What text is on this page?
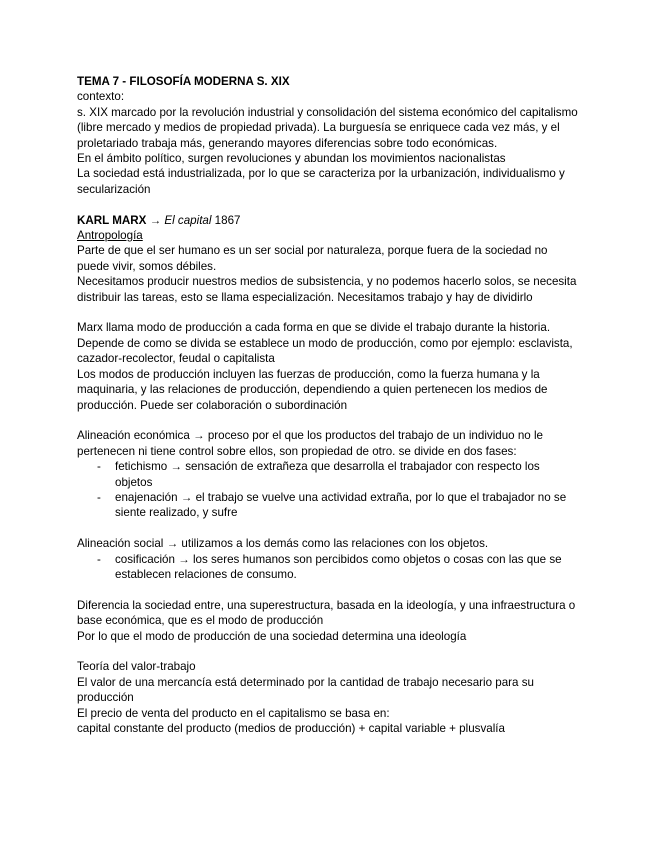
TEMA 7 - FILOSOFÍA MODERNA S. XIX

contexto:

s. XIX marcado por la revolución industrial y consolidación del sistema económico del capitalismo (libre mercado y medios de propiedad privada). La burguesía se enriquece cada vez más, y el proletariado trabaja más, generando mayores diferencias sobre todo económicas.

En el ámbito político, surgen revoluciones y abundan los movimientos nacionalistas

La sociedad está industrializada, por lo que se caracteriza por la urbanización, individualismo y secularización

KARL MARX → El capital 1867

Antropología

Parte de que el ser humano es un ser social por naturaleza, porque fuera de la sociedad no puede vivir, somos débiles.

Necesitamos producir nuestros medios de subsistencia, y no podemos hacerlo solos, se necesita distribuir las tareas, esto se llama especialización. Necesitamos trabajo y hay de dividirlo

Marx llama modo de producción a cada forma en que se divide el trabajo durante la historia.

Depende de como se divida se establece un modo de producción, como por ejemplo: esclavista, cazador-recolector, feudal o capitalista

Los modos de producción incluyen las fuerzas de producción, como la fuerza humana y la maquinaria, y las relaciones de producción, dependiendo a quien pertenecen los medios de producción. Puede ser colaboración o subordinación

Alineación económica → proceso por el que los productos del trabajo de un individuo no le pertenecen ni tiene control sobre ellos, son propiedad de otro. se divide en dos fases:

- fetichismo → sensación de extrañeza que desarrolla el trabajador con respecto los objetos
- enajenación → el trabajo se vuelve una actividad extraña, por lo que el trabajador no se siente realizado, y sufre

Alineación social → utilizamos a los demás como las relaciones con los objetos.

- cosificación → los seres humanos son percibidos como objetos o cosas con las que se establecen relaciones de consumo.

Diferencia la sociedad entre, una superestructura, basada en la ideología, y una infraestructura o base económica, que es el modo de producción

Por lo que el modo de producción de una sociedad determina una ideología

Teoría del valor-trabajo

El valor de una mercancía está determinado por la cantidad de trabajo necesario para su producción

El precio de venta del producto en el capitalismo se basa en:

capital constante del producto (medios de producción) + capital variable + plusvalía
